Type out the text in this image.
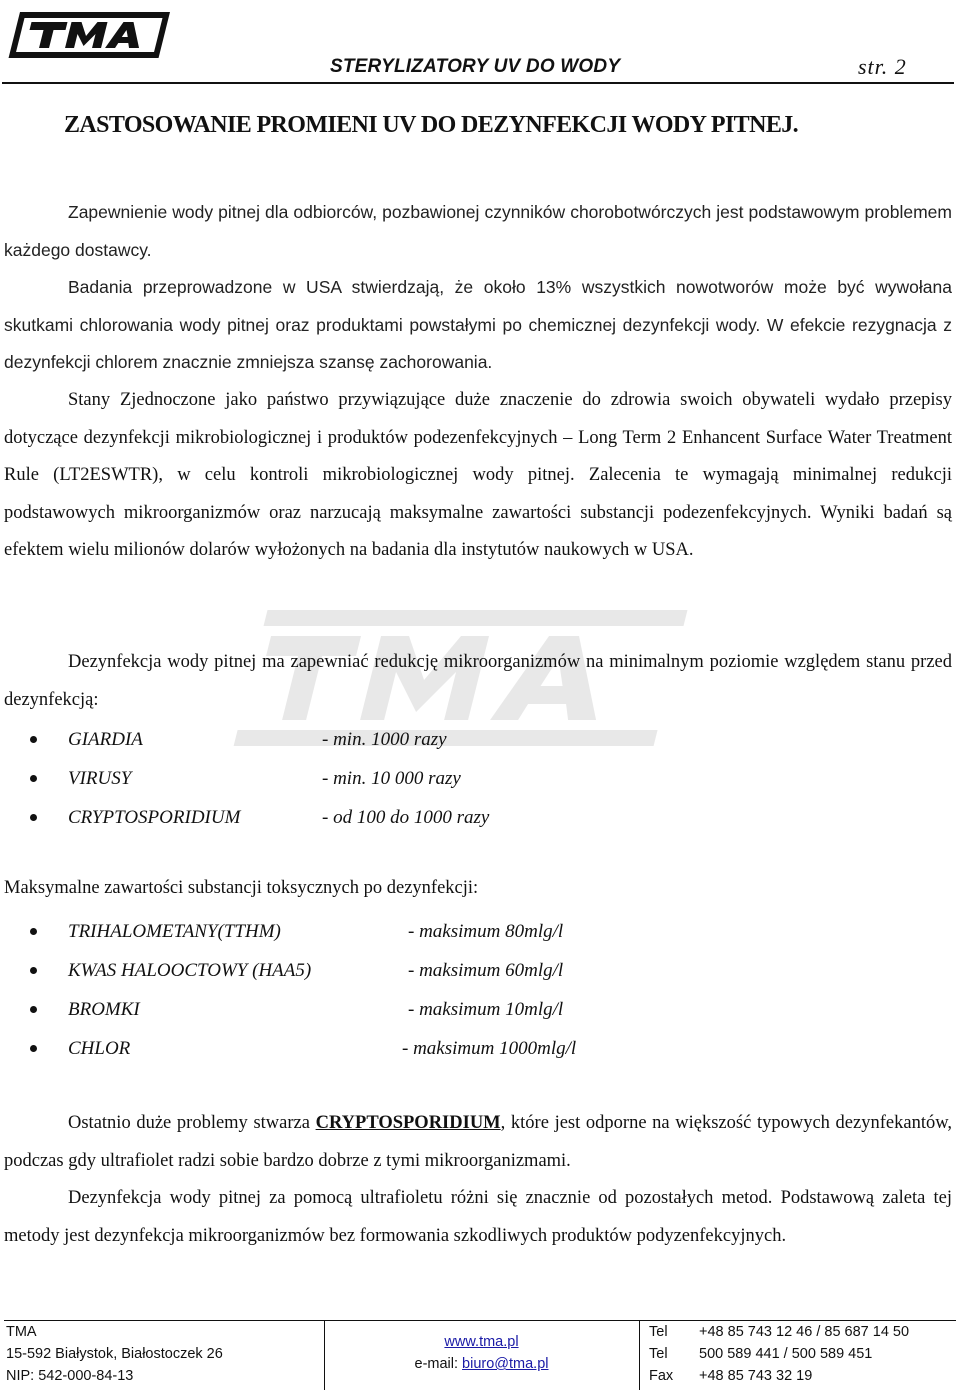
STERYLIZATORY UV DO WODY	str. 2
ZASTOSOWANIE PROMIENI UV DO DEZYNFEKCJI WODY PITNEJ.

Zapewnienie wody pitnej dla odbiorców, pozbawionej czynników chorobotwórczych jest podstawowym problemem każdego dostawcy.

Badania przeprowadzone w USA stwierdzają, że około 13% wszystkich nowotworów może być wywołana skutkami chlorowania wody pitnej oraz produktami powstałymi po chemicznej dezynfekcji wody. W efekcie rezygnacja z dezynfekcji chlorem znacznie zmniejsza szansę zachorowania.

Stany Zjednoczone jako państwo przywiązujące duże znaczenie do zdrowia swoich obywateli wydało przepisy dotyczące dezynfekcji mikrobiologicznej i produktów podezenfekcyjnych – Long Term 2 Enhancent Surface Water Treatment Rule (LT2ESWTR), w celu kontroli mikrobiologicznej wody pitnej. Zalecenia te wymagają minimalnej redukcji podstawowych mikroorganizmów oraz narzucają maksymalne zawartości substancji podezenfekcyjnych. Wyniki badań są efektem wielu milionów dolarów wyłożonych na badania dla instytutów naukowych w USA.

Dezynfekcja wody pitnej ma zapewniać redukcję mikroorganizmów na minimalnym poziomie względem stanu przed dezynfekcją:

GIARDIA	- min. 1000 razy
VIRUSY	- min. 10 000 razy
CRYPTOSPORIDIUM	- od 100 do 1000 razy

Maksymalne zawartości substancji toksycznych po dezynfekcji:

TRIHALOMETANY(TTHM)	- maksimum 80mlg/l
KWAS HALOOCTOWY (HAA5)	- maksimum 60mlg/l
BROMKI	- maksimum 10mlg/l
CHLOR	- maksimum 1000mlg/l

Ostatnio duże problemy stwarza CRYPTOSPORIDIUM, które jest odporne na większość typowych dezynfekantów, podczas gdy ultrafiolet radzi sobie bardzo dobrze z tymi mikroorganizmami.

Dezynfekcja wody pitnej za pomocą ultrafioletu różni się znacznie od pozostałych metod. Podstawową zaleta tej metody jest dezynfekcja mikroorganizmów bez formowania szkodliwych produktów podyzenfekcyjnych.

TMA
15-592 Białystok, Białostoczek 26
NIP: 542-000-84-13
www.tma.pl
e-mail: biuro@tma.pl
Tel +48 85 743 12 46 / 85 687 14 50
Tel 500 589 441 / 500 589 451
Fax +48 85 743 32 19
